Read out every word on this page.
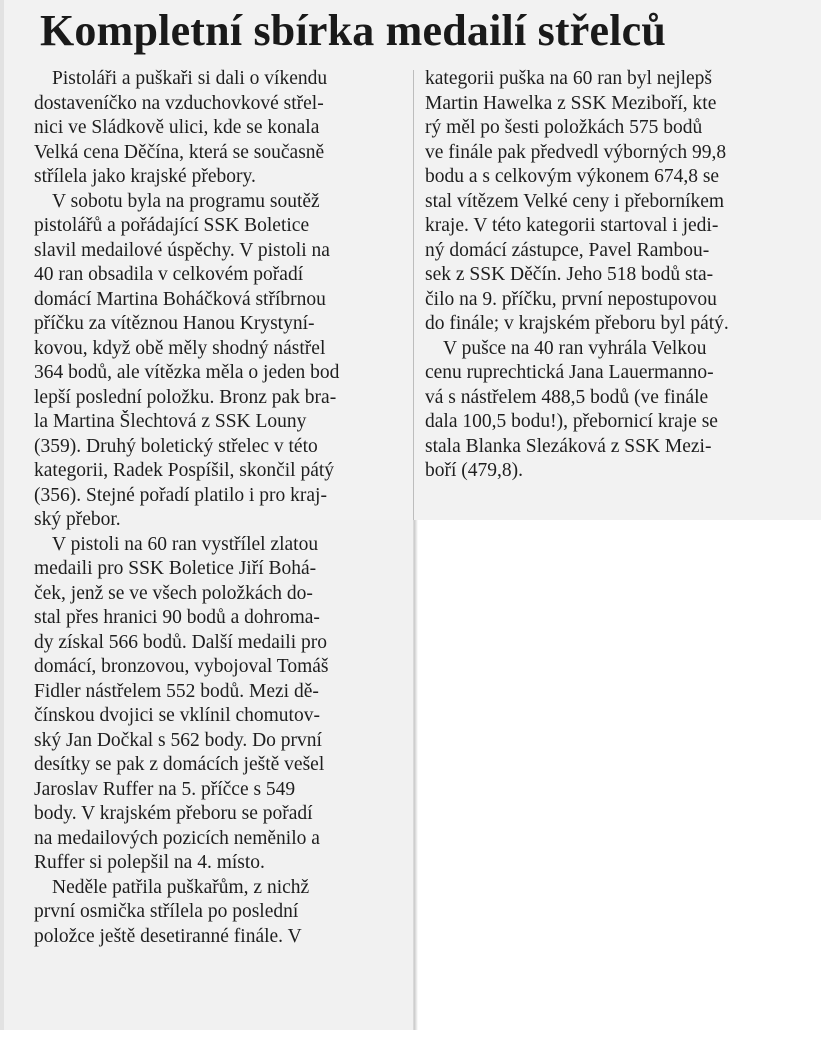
Kompletní sbírka medailí střelců
Pistoláři a puškaři si dali o víkendu
dostaveníčko na vzduchovkové střel-
nici ve Sládkově ulici, kde se konala
Velká cena Děčína, která se současně
střílela jako krajské přebory.
V sobotu byla na programu soutěž
pistolářů a pořádající SSK Boletice
slavil medailové úspěchy. V pistoli na
40 ran obsadila v celkovém pořadí
domácí Martina Boháčková stříbrnou
příčku za vítěznou Hanou Krystyní-
kovou, když obě měly shodný nástřel
364 bodů, ale vítězka měla o jeden bod
lepší poslední položku. Bronz pak bra-
la Martina Šlechtová z SSK Louny
(359). Druhý boletický střelec v této
kategorii, Radek Pospíšil, skončil pátý
(356). Stejné pořadí platilo i pro kraj-
ský přebor.
V pistoli na 60 ran vystřílel zlatou
medaili pro SSK Boletice Jiří Bohá-
ček, jenž se ve všech položkách do-
stal přes hranici 90 bodů a dohroma-
dy získal 566 bodů. Další medaili pro
domácí, bronzovou, vybojoval Tomáš
Fidler nástřelem 552 bodů. Mezi dě-
čínskou dvojici se vklínil chomutov-
ský Jan Dočkal s 562 body. Do první
desítky se pak z domácích ještě vešel
Jaroslav Ruffer na 5. příčce s 549
body. V krajském přeboru se pořadí
na medailových pozicích neměnilo a
Ruffer si polepšil na 4. místo.
Neděle patřila puškařům, z nichž
první osmička střílela po poslední
položce ještě desetiranné finále. V
kategorii puška na 60 ran byl nejlepš
Martin Hawelka z SSK Meziboří, kte
rý měl po šesti položkách 575 bodů
ve finále pak předvedl výborných 99,8
bodu a s celkovým výkonem 674,8 se
stal vítězem Velké ceny i přeborníkem
kraje. V této kategorii startoval i jedi-
ný domácí zástupce, Pavel Rambou-
sek z SSK Děčín. Jeho 518 bodů sta-
čilo na 9. příčku, první nepostupovou
do finále; v krajském přeboru byl pátý.
V pušce na 40 ran vyhrála Velkou
cenu ruprechtická Jana Lauermanno-
vá s nástřelem 488,5 bodů (ve finále
dala 100,5 bodu!), přebornicí kraje se
stala Blanka Slezáková z SSK Mezi-
boří (479,8).
